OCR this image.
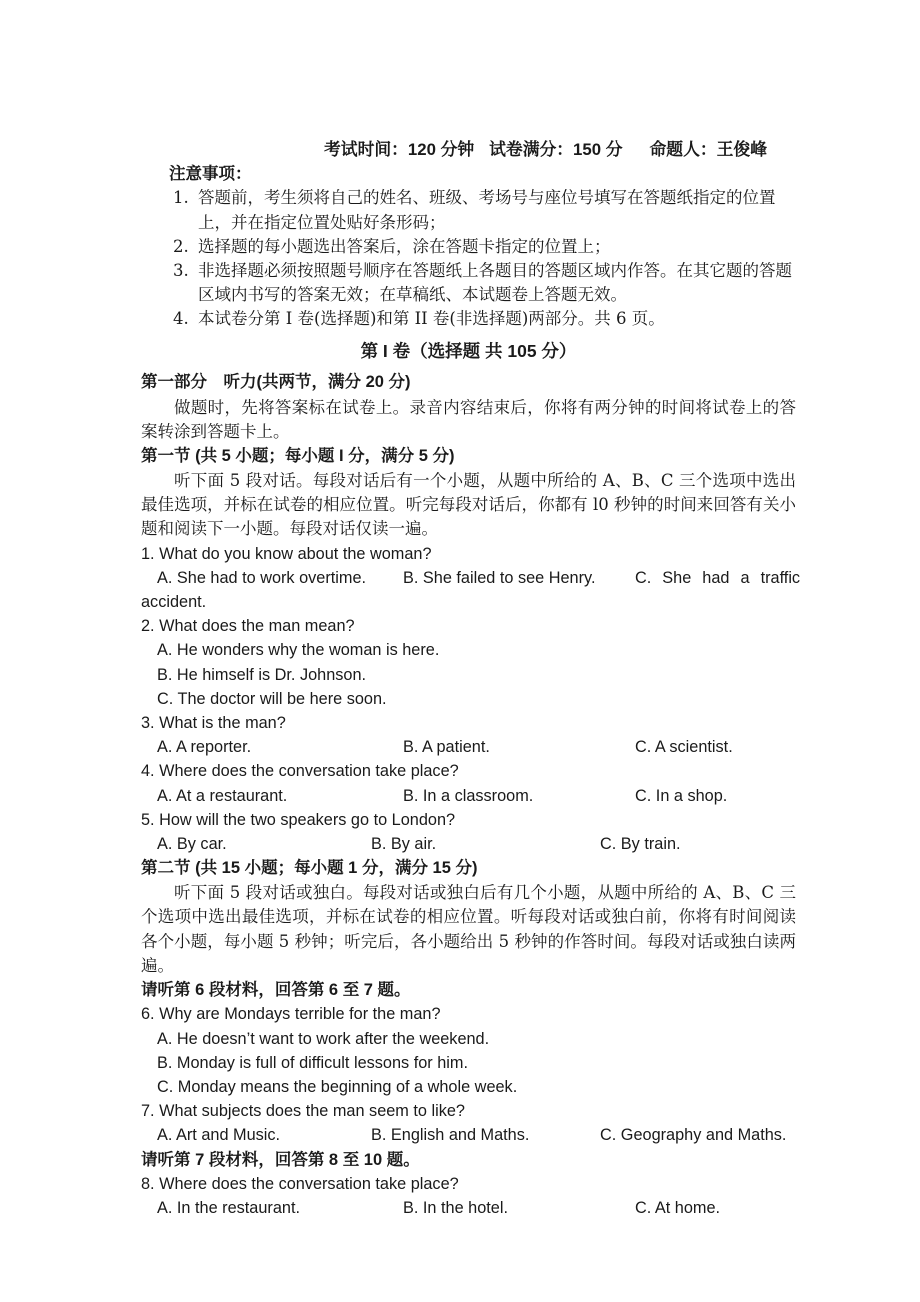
考试时间：120 分钟 试卷满分：150 分 命题人：王俊峰
注意事项：
1. 答题前，考生须将自己的姓名、班级、考场号与座位号填写在答题纸指定的位置上，并在指定位置处贴好条形码；
2. 选择题的每小题选出答案后，涂在答题卡指定的位置上；
3. 非选择题必须按照题号顺序在答题纸上各题目的答题区域内作答。在其它题的答题区域内书写的答案无效；在草稿纸、本试题卷上答题无效。
4. 本试卷分第 I 卷(选择题)和第 II 卷(非选择题)两部分。共 6 页。
第 I 卷（选择题 共 105 分）
第一部分　听力(共两节，满分 20 分)

做题时，先将答案标在试卷上。录音内容结束后，你将有两分钟的时间将试卷上的答案转涂到答题卡上。

第一节 (共 5 小题；每小题 I 分，满分 5 分)

听下面 5 段对话。每段对话后有一个小题，从题中所给的 A、B、C 三个选项中选出最佳选项，并标在试卷的相应位置。听完每段对话后，你都有 l0 秒钟的时间来回答有关小题和阅读下一小题。每段对话仅读一遍。

1. What do you know about the woman?
A. She had to work overtime.	B. She failed to see Henry.	C. She had a traffic
accident.
2. What does the man mean?
A. He wonders why the woman is here.
B. He himself is Dr. Johnson.
C. The doctor will be here soon.
3. What is the man?
A. A reporter.	B. A patient.	C. A scientist.
4. Where does the conversation take place?
A. At a restaurant.	B. In a classroom.	C. In a shop.
5. How will the two speakers go to London?
A. By car.	B. By air.	C. By train.
第二节 (共 15 小题；每小题 1 分，满分 15 分)

听下面 5 段对话或独白。每段对话或独白后有几个小题，从题中所给的 A、B、C 三个选项中选出最佳选项，并标在试卷的相应位置。听每段对话或独白前，你将有时间阅读各个小题，每小题 5 秒钟；听完后，各小题给出 5 秒钟的作答时间。每段对话或独白读两遍。

请听第 6 段材料，回答第 6 至 7 题。
6. Why are Mondays terrible for the man?
A. He doesn’t want to work after the weekend.
B. Monday is full of difficult lessons for him.
C. Monday means the beginning of a whole week.
7. What subjects does the man seem to like?
A. Art and Music.	B. English and Maths.	C. Geography and Maths.
请听第 7 段材料，回答第 8 至 10 题。
8. Where does the conversation take place?
A. In the restaurant.	B. In the hotel.	C. At home.
